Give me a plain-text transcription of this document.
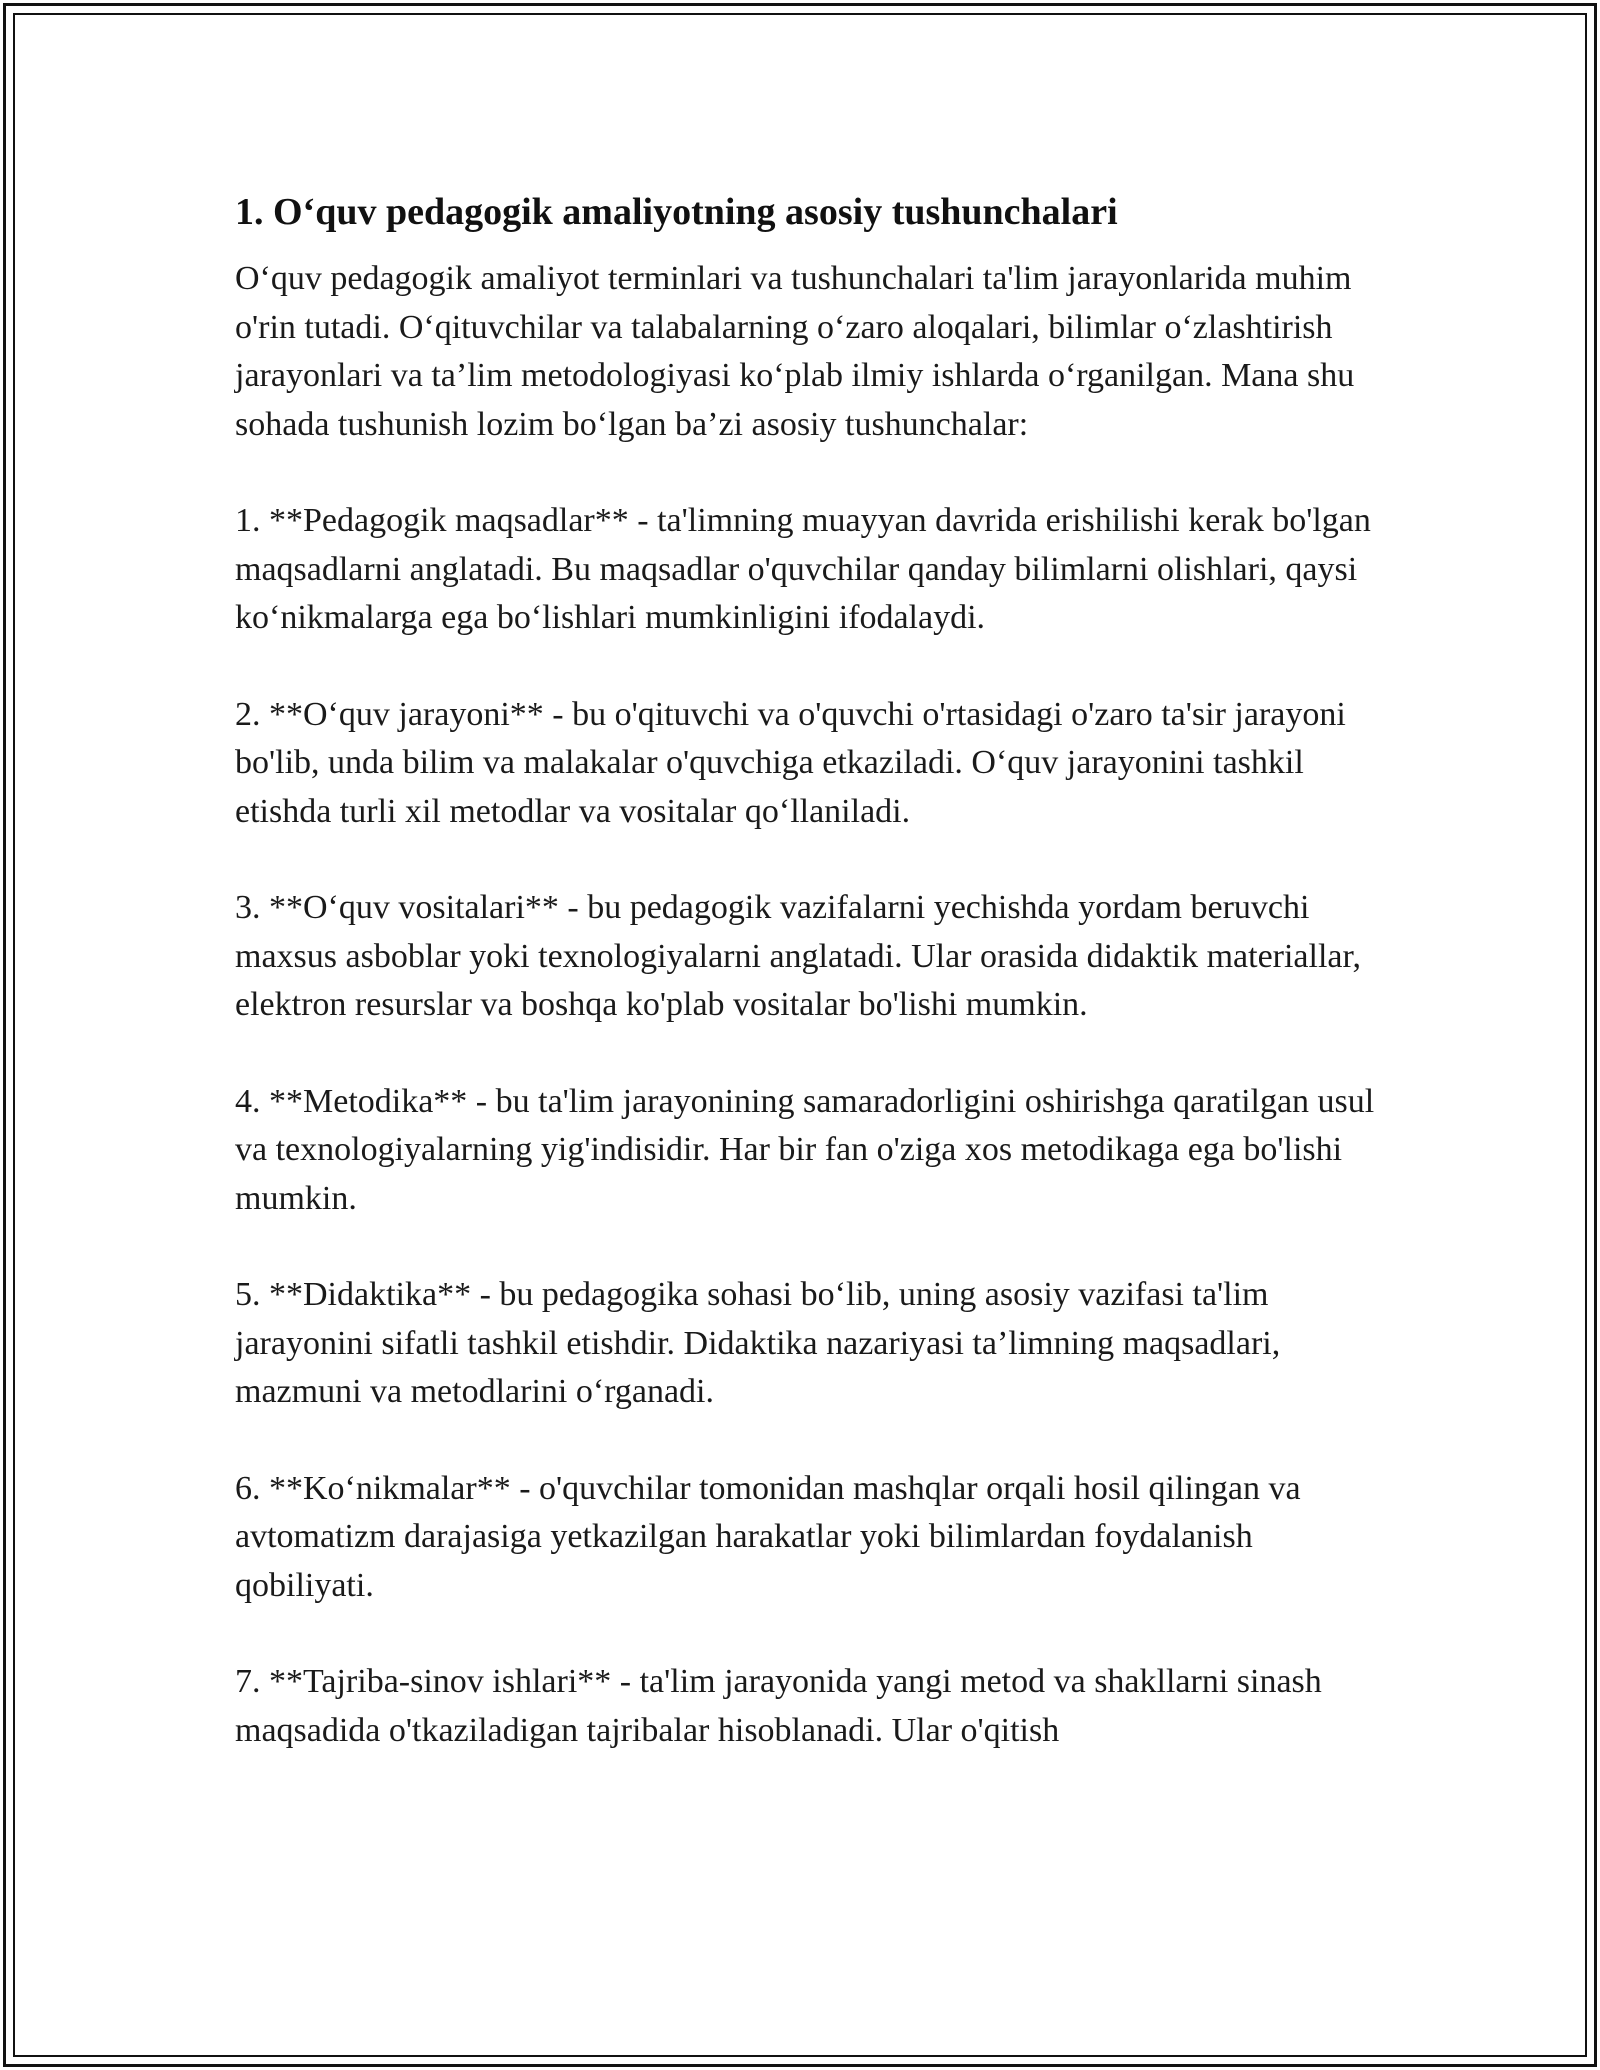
1. O‘quv pedagogik amaliyotning asosiy tushunchalari

O‘quv pedagogik amaliyot terminlari va tushunchalari ta'lim jarayonlarida muhim o'rin tutadi. O‘qituvchilar va talabalarning o‘zaro aloqalari, bilimlar o‘zlashtirish jarayonlari va ta’lim metodologiyasi ko‘plab ilmiy ishlarda o‘rganilgan. Mana shu sohada tushunish lozim bo‘lgan ba’zi asosiy tushunchalar:

1. **Pedagogik maqsadlar** - ta'limning muayyan davrida erishilishi kerak bo'lgan maqsadlarni anglatadi. Bu maqsadlar o'quvchilar qanday bilimlarni olishlari, qaysi ko‘nikmalarga ega bo‘lishlari mumkinligini ifodalaydi.

2. **O‘quv jarayoni** - bu o'qituvchi va o'quvchi o'rtasidagi o'zaro ta'sir jarayoni bo'lib, unda bilim va malakalar o'quvchiga etkaziladi. O‘quv jarayonini tashkil etishda turli xil metodlar va vositalar qo‘llaniladi.

3. **O‘quv vositalari** - bu pedagogik vazifalarni yechishda yordam beruvchi maxsus asboblar yoki texnologiyalarni anglatadi. Ular orasida didaktik materiallar, elektron resurslar va boshqa ko'plab vositalar bo'lishi mumkin.

4. **Metodika** - bu ta'lim jarayonining samaradorligini oshirishga qaratilgan usul va texnologiyalarning yig'indisidir. Har bir fan o'ziga xos metodikaga ega bo'lishi mumkin.

5. **Didaktika** - bu pedagogika sohasi bo‘lib, uning asosiy vazifasi ta'lim jarayonini sifatli tashkil etishdir. Didaktika nazariyasi ta’limning maqsadlari, mazmuni va metodlarini o‘rganadi.

6. **Ko‘nikmalar** - o'quvchilar tomonidan mashqlar orqali hosil qilingan va avtomatizm darajasiga yetkazilgan harakatlar yoki bilimlardan foydalanish qobiliyati.

7. **Tajriba-sinov ishlari** - ta'lim jarayonida yangi metod va shakllarni sinash maqsadida o'tkaziladigan tajribalar hisoblanadi. Ular o'qitish
